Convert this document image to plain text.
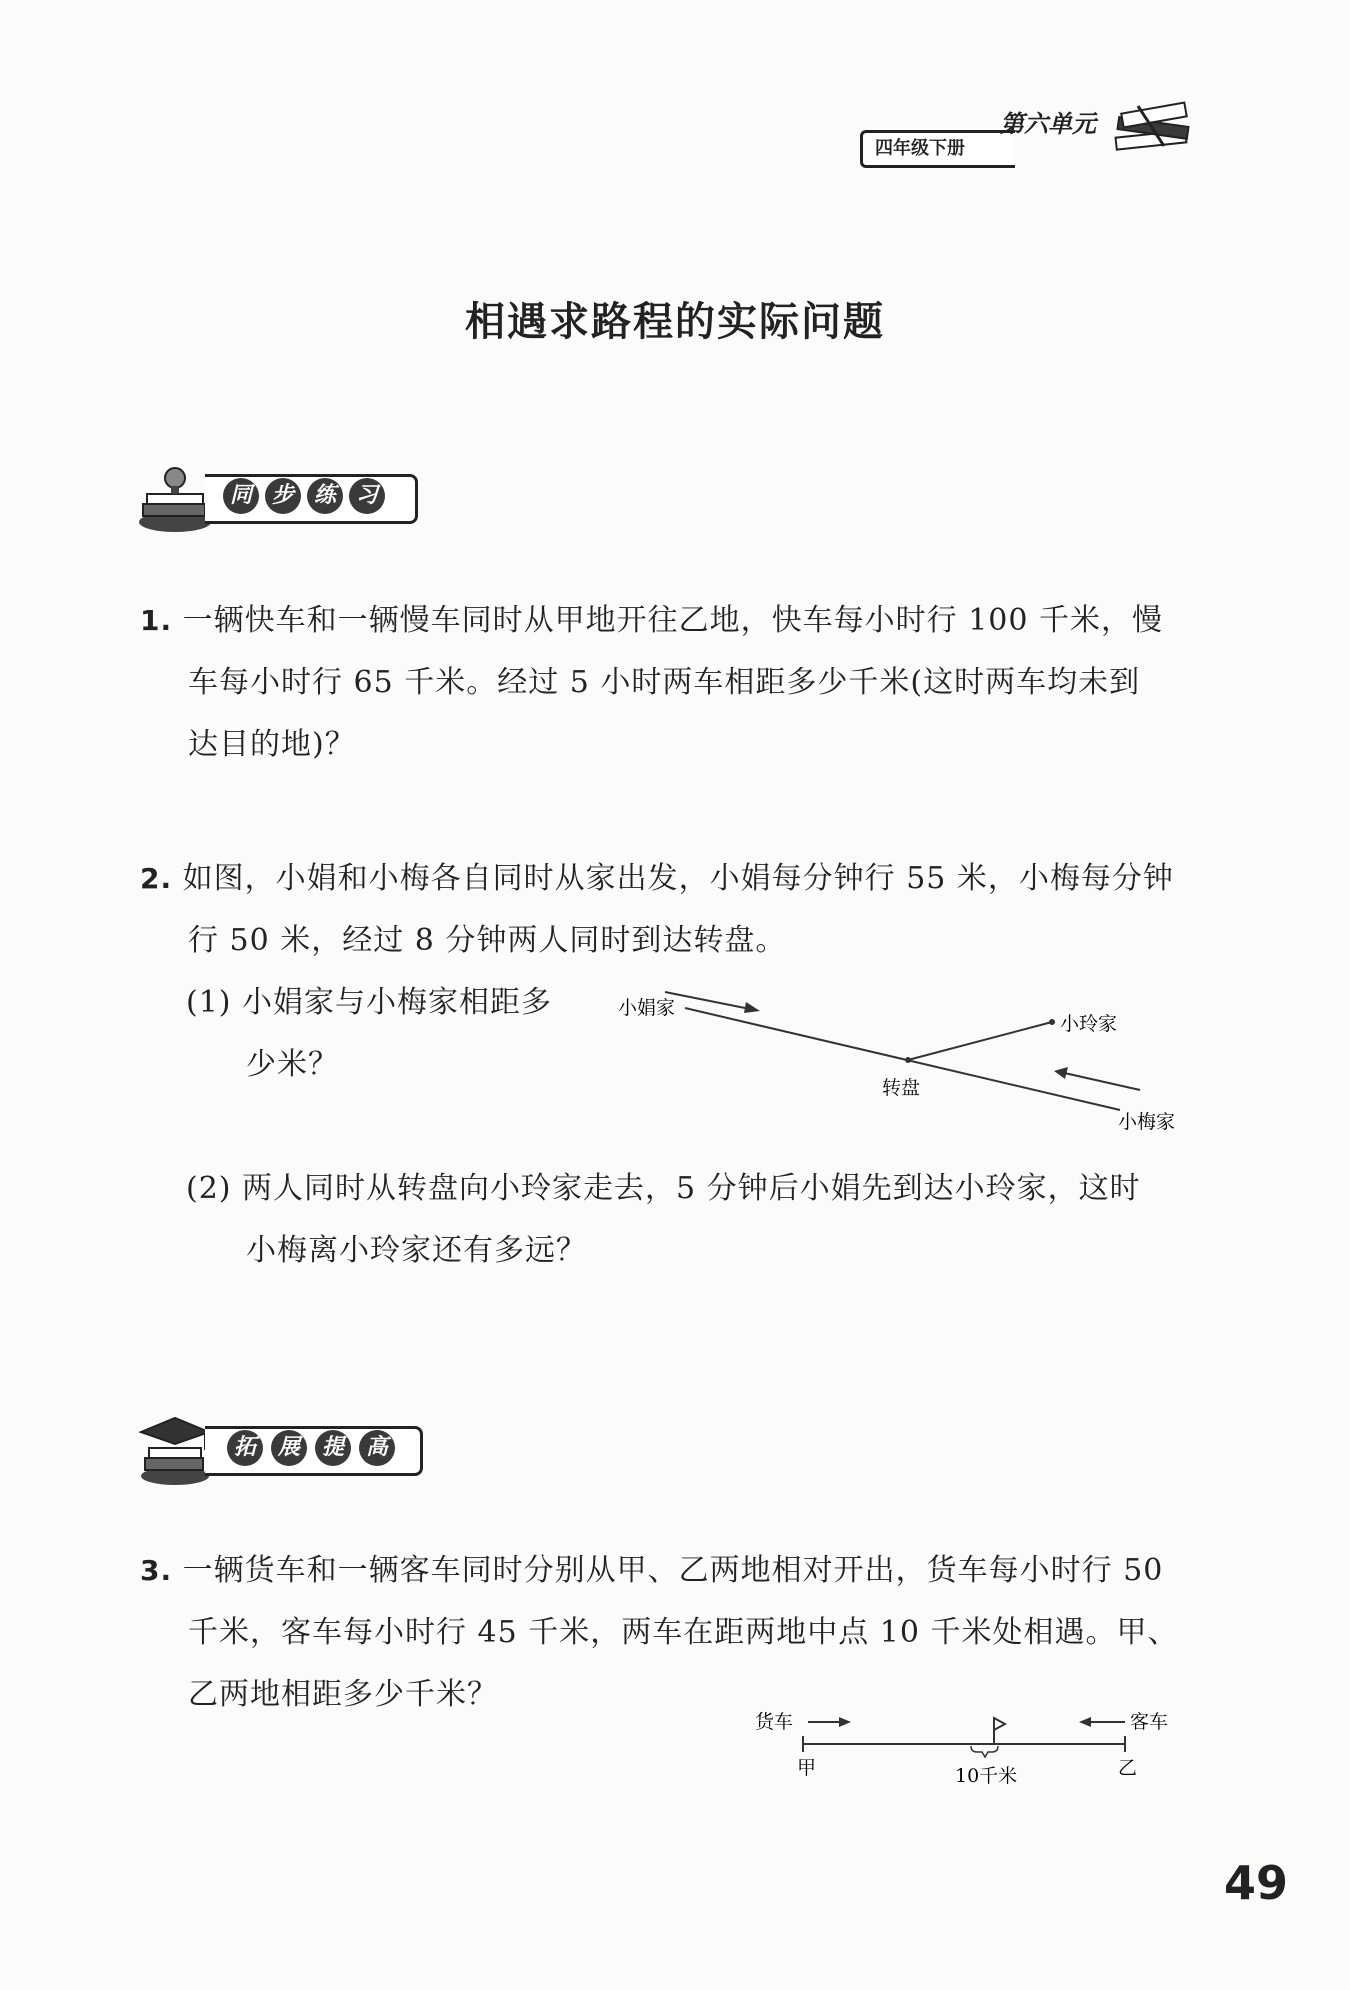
四年级下册
第六单元
相遇求路程的实际问题
同 步 练 习
1. 一辆快车和一辆慢车同时从甲地开往乙地，快车每小时行 100 千米，慢
车每小时行 65 千米。经过 5 小时两车相距多少千米(这时两车均未到
达目的地)？
2. 如图，小娟和小梅各自同时从家出发，小娟每分钟行 55 米，小梅每分钟
行 50 米，经过 8 分钟两人同时到达转盘。
(1) 小娟家与小梅家相距多
少米？
小娟家
小玲家
转盘
小梅家
(2) 两人同时从转盘向小玲家走去，5 分钟后小娟先到达小玲家，这时
小梅离小玲家还有多远？
拓 展 提 高
3. 一辆货车和一辆客车同时分别从甲、乙两地相对开出，货车每小时行 50
千米，客车每小时行 45 千米，两车在距两地中点 10 千米处相遇。甲、
乙两地相距多少千米？
货车	客车
甲	乙
10千米
49
